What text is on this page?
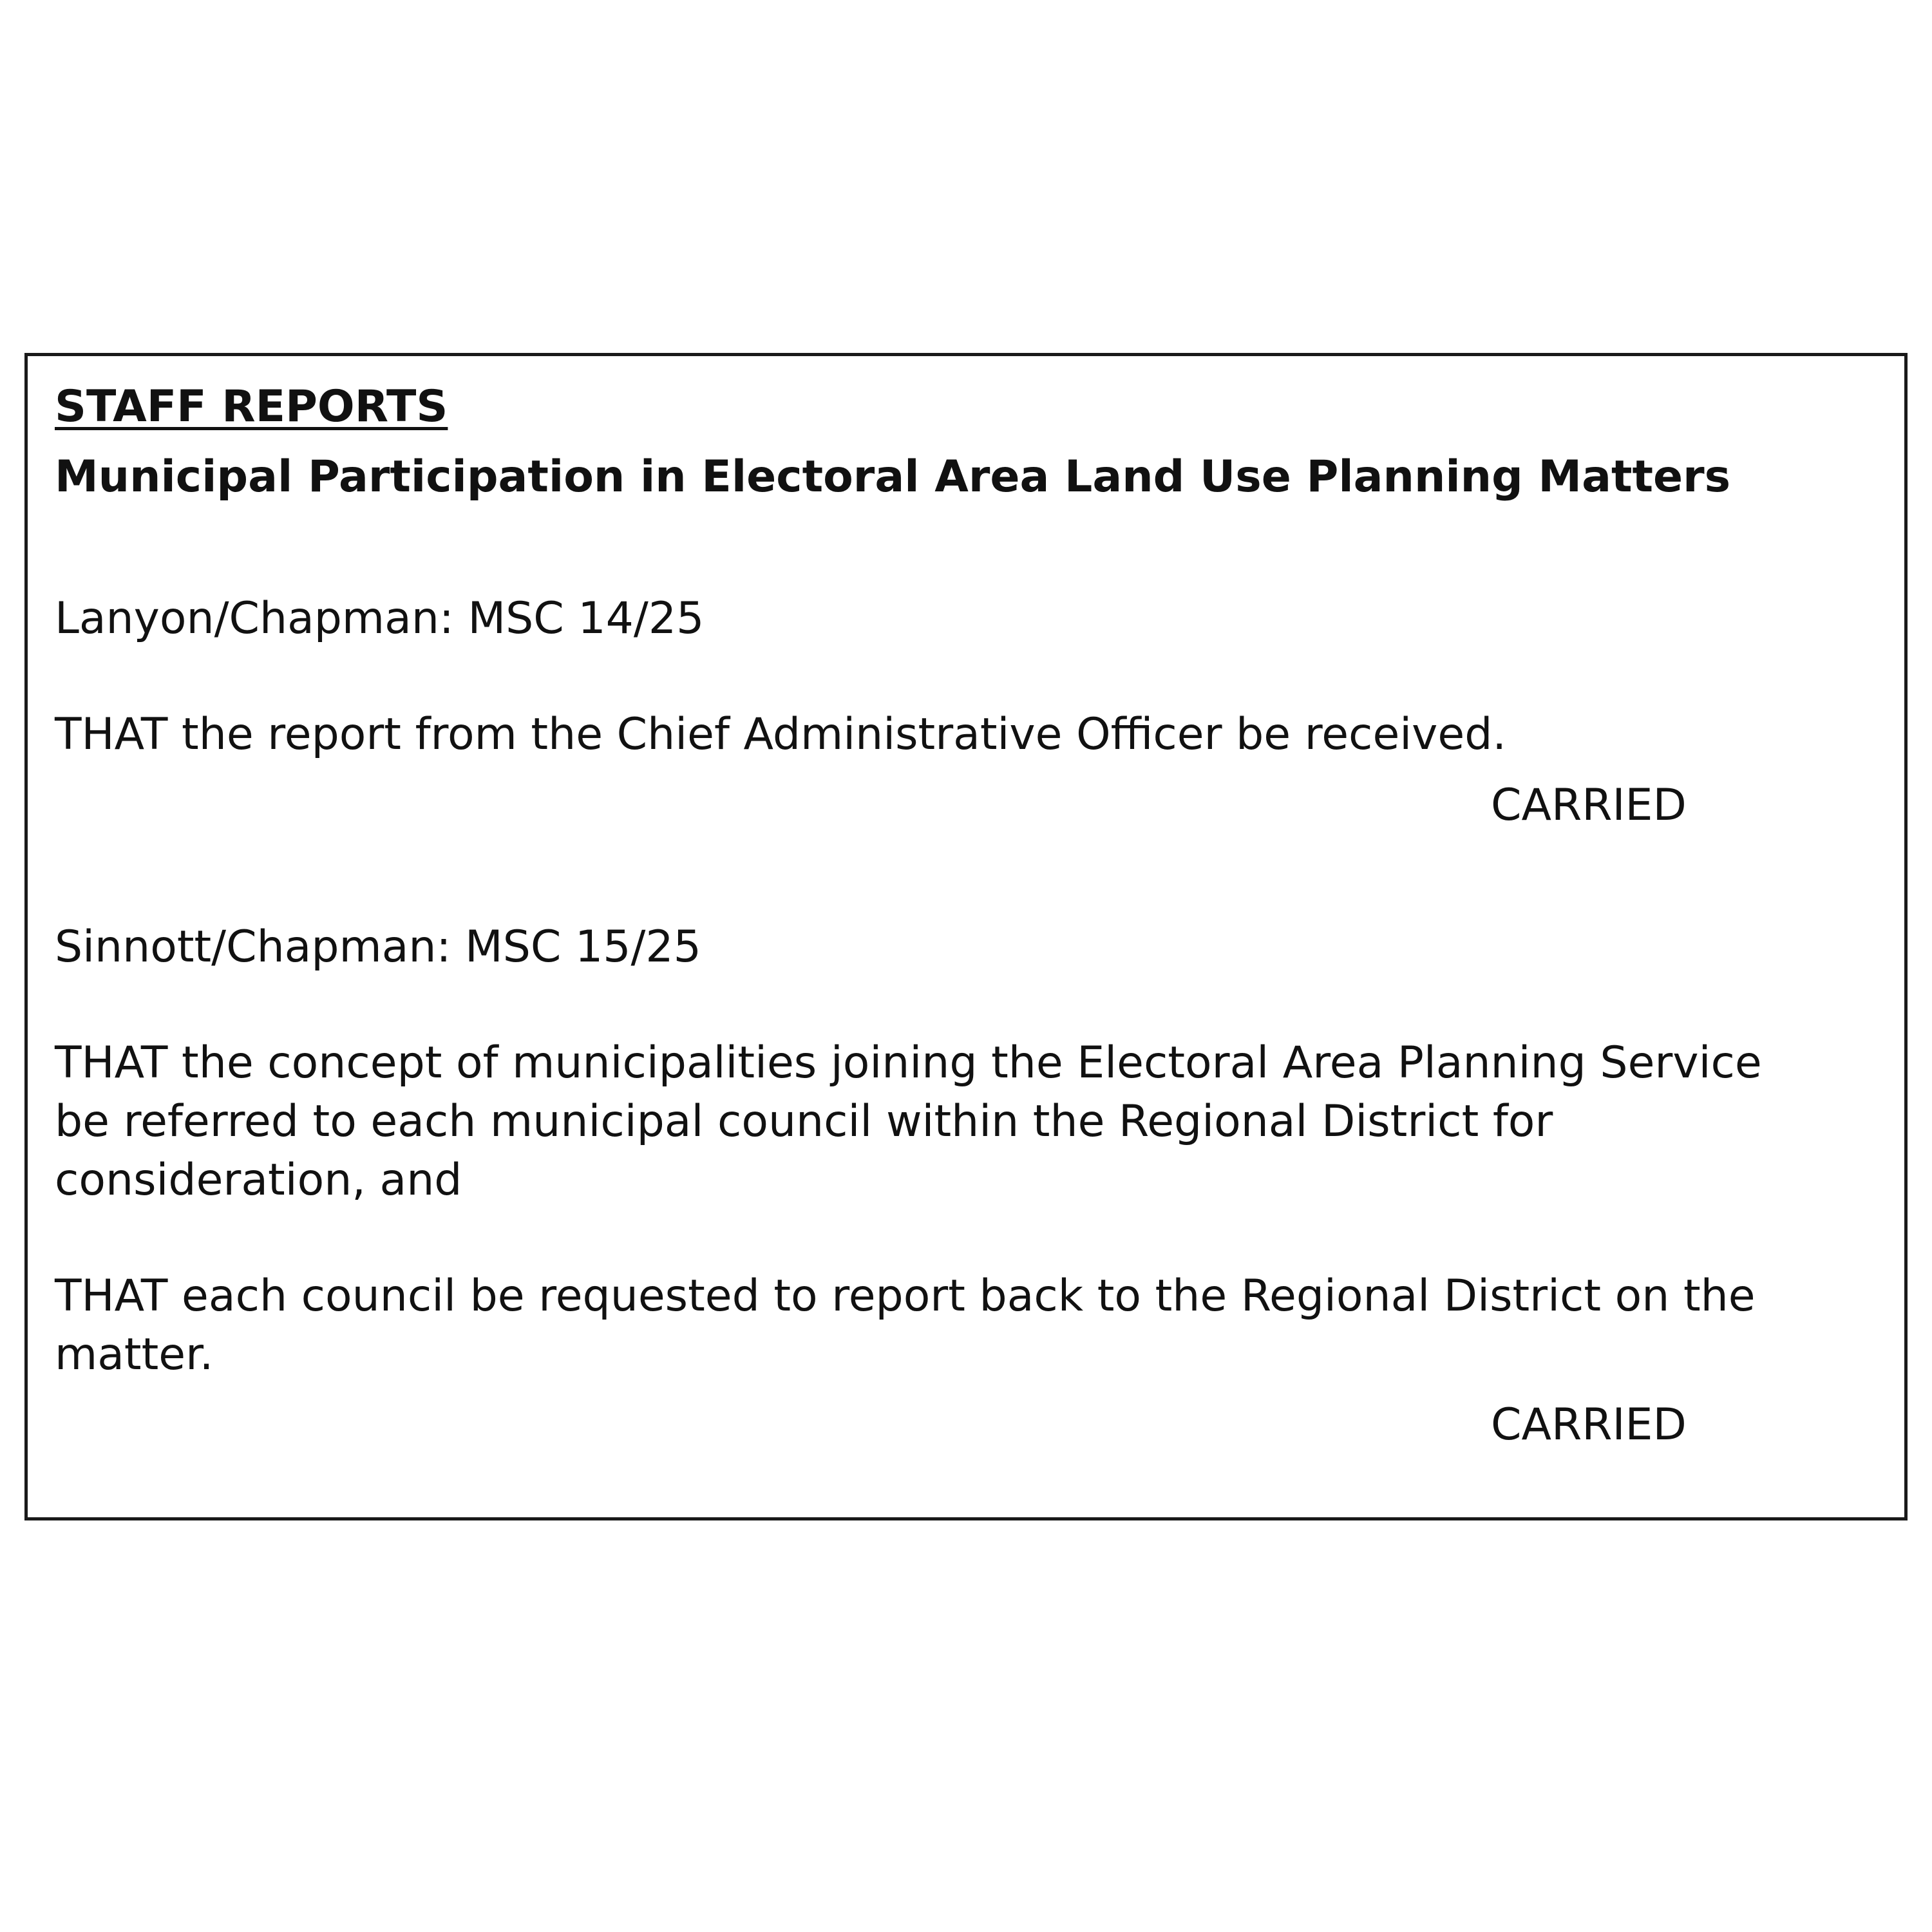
STAFF REPORTS

Municipal Participation in Electoral Area Land Use Planning Matters

Lanyon/Chapman: MSC 14/25

THAT the report from the Chief Administrative Officer be received.

CARRIED

Sinnott/Chapman: MSC 15/25

THAT the concept of municipalities joining the Electoral Area Planning Service

be referred to each municipal council within the Regional District for

consideration, and

THAT each council be requested to report back to the Regional District on the

matter.

CARRIED
